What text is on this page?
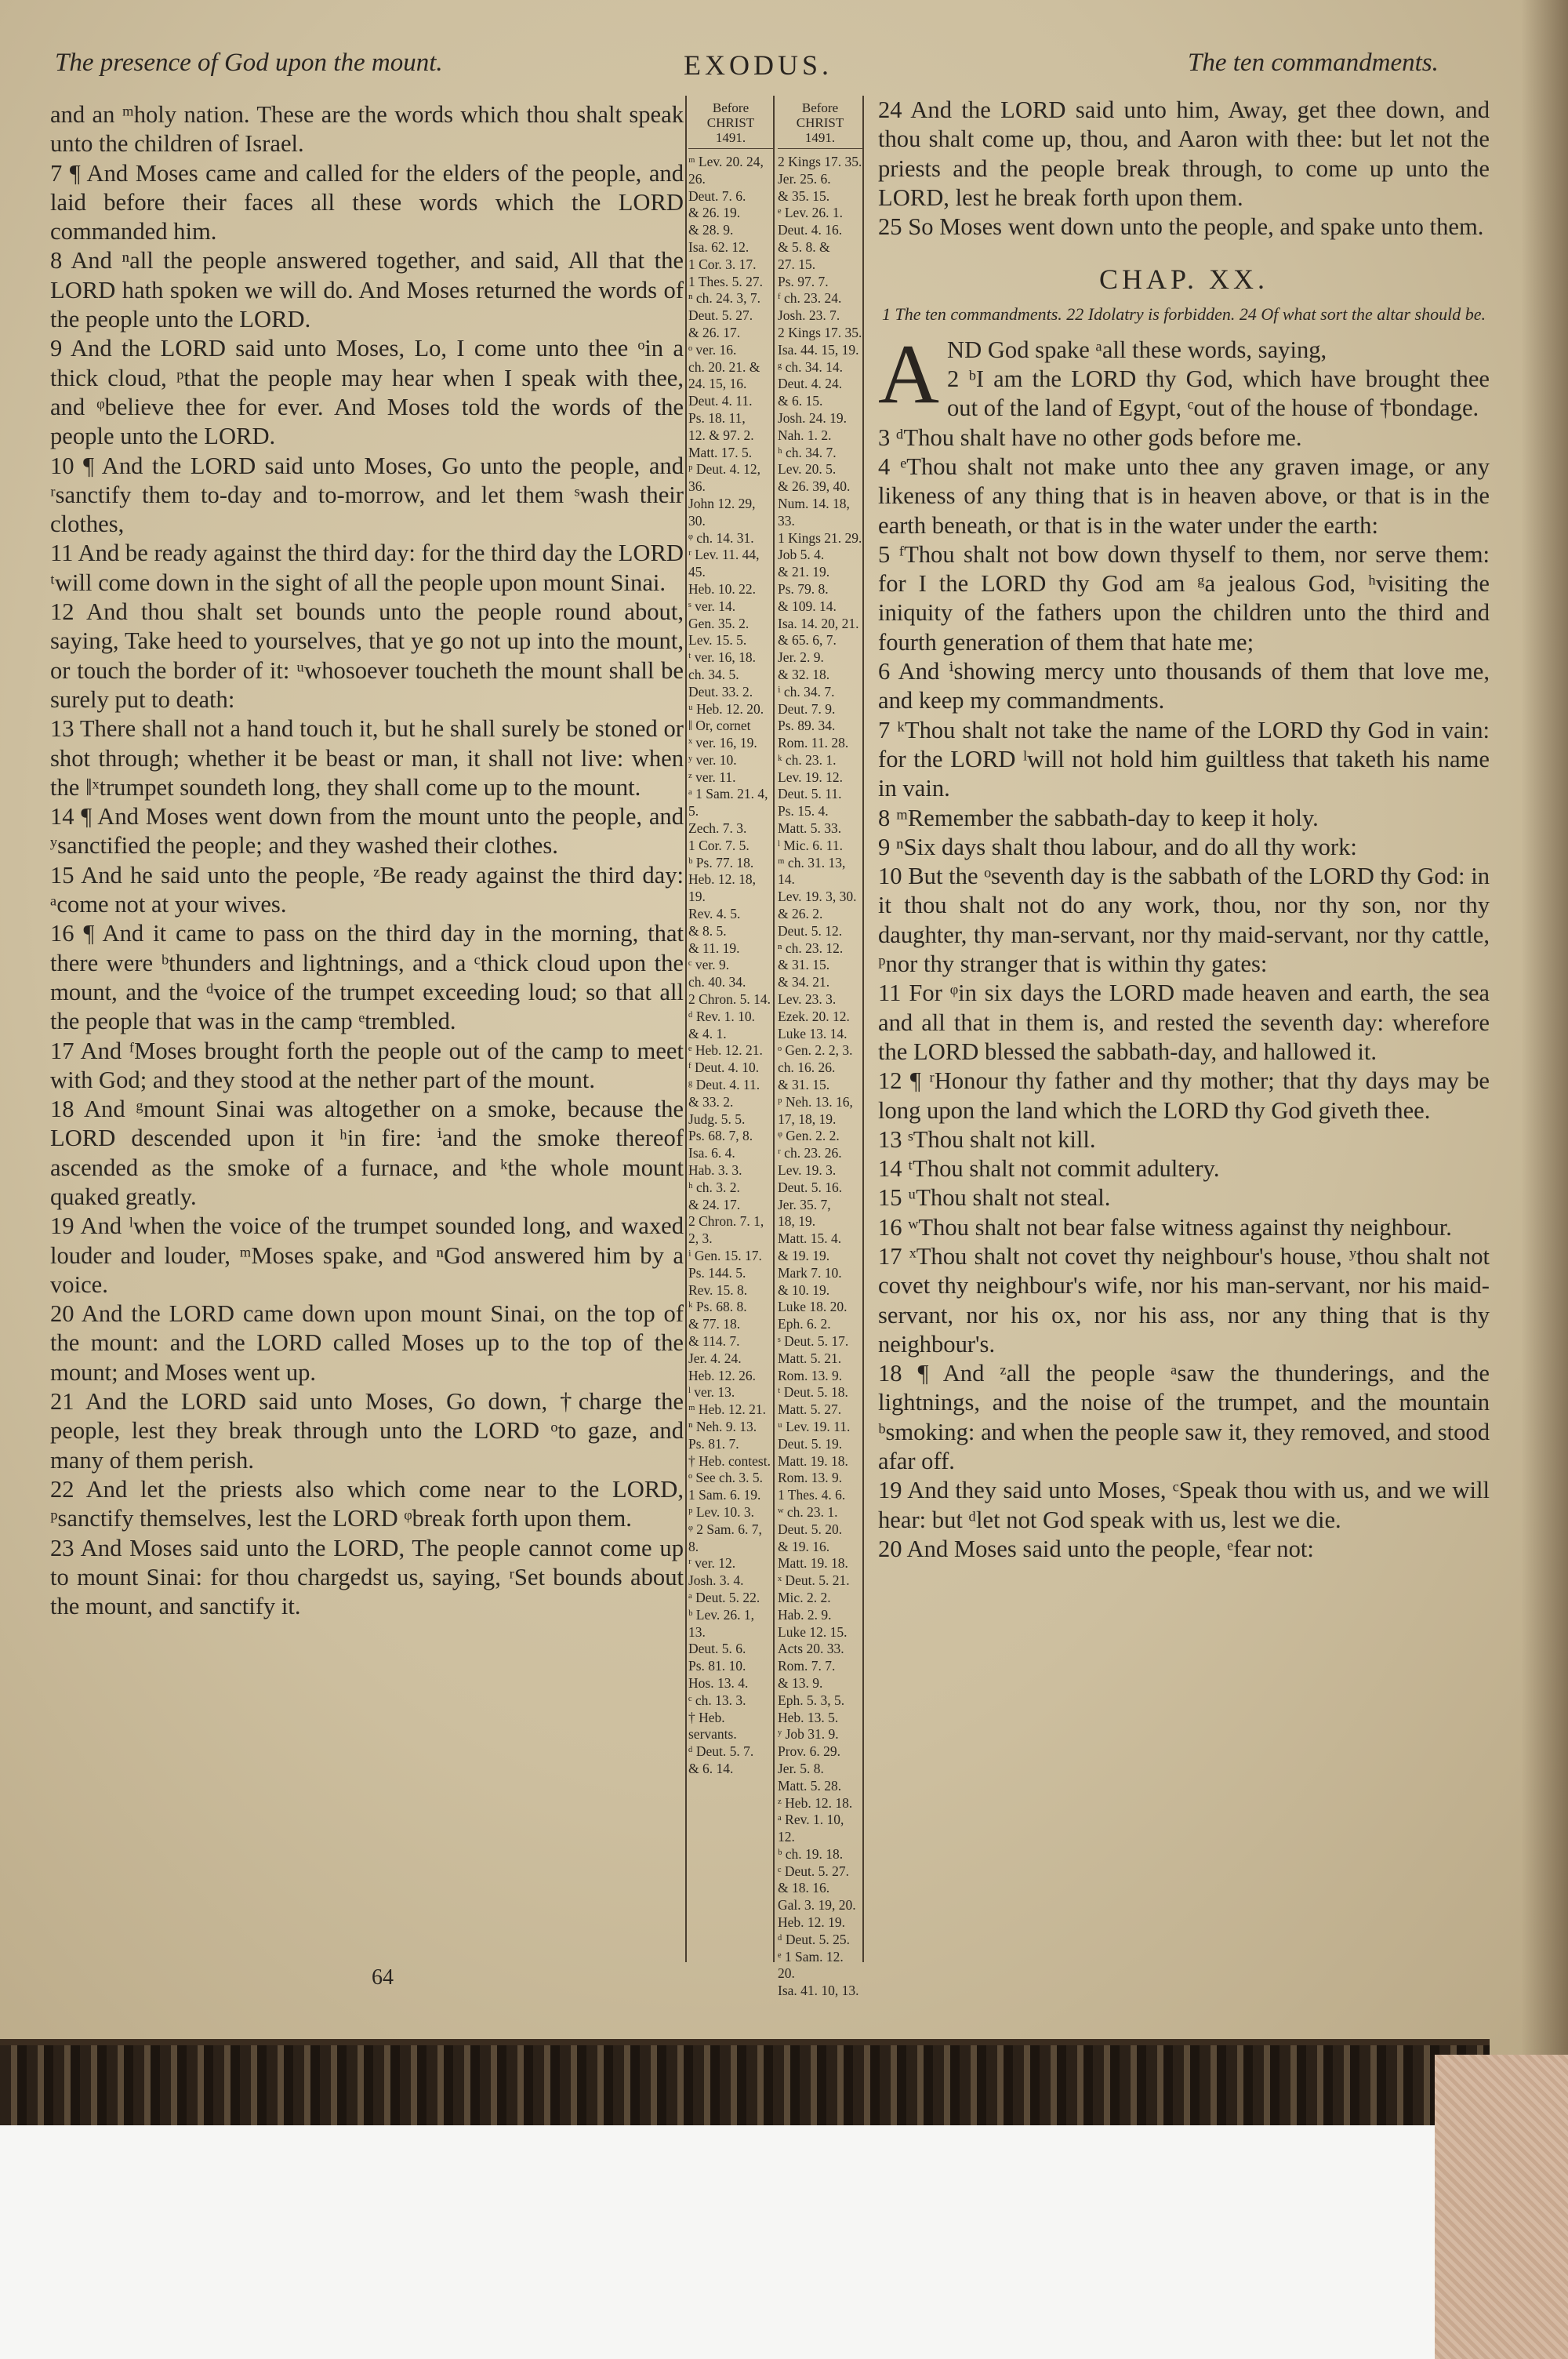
The presence of God upon the mount.	EXODUS.	The ten commandments.

and an ᵐholy nation. These are the words which thou shalt speak unto the children of Israel.

7 ¶ And Moses came and called for the elders of the people, and laid before their faces all these words which the LORD commanded him.

8 And ⁿall the people answered together, and said, All that the LORD hath spoken we will do. And Moses returned the words of the people unto the LORD.

9 And the LORD said unto Moses, Lo, I come unto thee ᵒin a thick cloud, ᵖthat the people may hear when I speak with thee, and ᵠbelieve thee for ever. And Moses told the words of the people unto the LORD.

10 ¶ And the LORD said unto Moses, Go unto the people, and ʳsanctify them to-day and to-morrow, and let them ˢwash their clothes,

11 And be ready against the third day: for the third day the LORD ᵗwill come down in the sight of all the people upon mount Sinai.

12 And thou shalt set bounds unto the people round about, saying, Take heed to yourselves, that ye go not up into the mount, or touch the border of it: ᵘwhosoever toucheth the mount shall be surely put to death:

13 There shall not a hand touch it, but he shall surely be stoned or shot through; whether it be beast or man, it shall not live: when the ‖ˣtrumpet soundeth long, they shall come up to the mount.

14 ¶ And Moses went down from the mount unto the people, and ʸsanctified the people; and they washed their clothes.

15 And he said unto the people, ᶻBe ready against the third day: ᵃcome not at your wives.

16 ¶ And it came to pass on the third day in the morning, that there were ᵇthunders and lightnings, and a ᶜthick cloud upon the mount, and the ᵈvoice of the trumpet exceeding loud; so that all the people that was in the camp ᵉtrembled.

17 And ᶠMoses brought forth the people out of the camp to meet with God; and they stood at the nether part of the mount.

18 And ᵍmount Sinai was altogether on a smoke, because the LORD descended upon it ʰin fire: ⁱand the smoke thereof ascended as the smoke of a furnace, and ᵏthe whole mount quaked greatly.

19 And ˡwhen the voice of the trumpet sounded long, and waxed louder and louder, ᵐMoses spake, and ⁿGod answered him by a voice.

20 And the LORD came down upon mount Sinai, on the top of the mount: and the LORD called Moses up to the top of the mount; and Moses went up.

21 And the LORD said unto Moses, Go down, †charge the people, lest they break through unto the LORD ᵒto gaze, and many of them perish.

22 And let the priests also which come near to the LORD, ᵖsanctify themselves, lest the LORD ᵠbreak forth upon them.

23 And Moses said unto the LORD, The people cannot come up to mount Sinai: for thou chargedst us, saying, ʳSet bounds about the mount, and sanctify it.

Before
CHRIST
1491.
ᵐ Lev. 20. 24, 26.
Deut. 7. 6.
& 26. 19.
& 28. 9.
Isa. 62. 12.
1 Cor. 3. 17.
1 Thes. 5. 27.
ⁿ ch. 24. 3, 7.
Deut. 5. 27.
& 26. 17.
ᵒ ver. 16.
ch. 20. 21. &
24. 15, 16.
Deut. 4. 11.
Ps. 18. 11,
12. & 97. 2.
Matt. 17. 5.
ᵖ Deut. 4. 12, 36.
John 12. 29, 30.
ᵠ ch. 14. 31.
ʳ Lev. 11. 44, 45.
Heb. 10. 22.
ˢ ver. 14.
Gen. 35. 2.
Lev. 15. 5.
ᵗ ver. 16, 18.
ch. 34. 5.
Deut. 33. 2.
ᵘ Heb. 12. 20.
‖ Or, cornet
ˣ ver. 16, 19.
ʸ ver. 10.
ᶻ ver. 11.
ᵃ 1 Sam. 21. 4, 5.
Zech. 7. 3.
1 Cor. 7. 5.
ᵇ Ps. 77. 18.
Heb. 12. 18, 19.
Rev. 4. 5.
& 8. 5.
& 11. 19.
ᶜ ver. 9.
ch. 40. 34.
2 Chron. 5. 14.
ᵈ Rev. 1. 10.
& 4. 1.
ᵉ Heb. 12. 21.
ᶠ Deut. 4. 10.
ᵍ Deut. 4. 11. & 33. 2.
Judg. 5. 5.
Ps. 68. 7, 8.
Isa. 6. 4.
Hab. 3. 3.
ʰ ch. 3. 2.
& 24. 17.
2 Chron. 7. 1, 2, 3.
ⁱ Gen. 15. 17.
Ps. 144. 5.
Rev. 15. 8.
ᵏ Ps. 68. 8.
& 77. 18.
& 114. 7.
Jer. 4. 24.
Heb. 12. 26.
ˡ ver. 13.
ᵐ Heb. 12. 21.
ⁿ Neh. 9. 13.
Ps. 81. 7.
† Heb. contest.
ᵒ See ch. 3. 5.
1 Sam. 6. 19.
ᵖ Lev. 10. 3.
ᵠ 2 Sam. 6. 7, 8.
ʳ ver. 12.
Josh. 3. 4.
ᵃ Deut. 5. 22.
ᵇ Lev. 26. 1, 13.
Deut. 5. 6.
Ps. 81. 10.
Hos. 13. 4.
ᶜ ch. 13. 3.
† Heb. servants.
ᵈ Deut. 5. 7.
& 6. 14.
Before
CHRIST
1491.
2 Kings 17. 35.
Jer. 25. 6.
& 35. 15.
ᵉ Lev. 26. 1.
Deut. 4. 16.
& 5. 8. &
27. 15.
Ps. 97. 7.
ᶠ ch. 23. 24.
Josh. 23. 7.
2 Kings 17. 35.
Isa. 44. 15, 19.
ᵍ ch. 34. 14.
Deut. 4. 24.
& 6. 15.
Josh. 24. 19.
Nah. 1. 2.
ʰ ch. 34. 7.
Lev. 20. 5.
& 26. 39, 40.
Num. 14. 18, 33.
1 Kings 21. 29.
Job 5. 4.
& 21. 19.
Ps. 79. 8.
& 109. 14.
Isa. 14. 20, 21. & 65. 6, 7.
Jer. 2. 9.
& 32. 18.
ⁱ ch. 34. 7.
Deut. 7. 9.
Ps. 89. 34.
Rom. 11. 28.
ᵏ ch. 23. 1.
Lev. 19. 12.
Deut. 5. 11.
Ps. 15. 4.
Matt. 5. 33.
ˡ Mic. 6. 11.
ᵐ ch. 31. 13, 14.
Lev. 19. 3, 30. & 26. 2.
Deut. 5. 12.
ⁿ ch. 23. 12.
& 31. 15.
& 34. 21.
Lev. 23. 3.
Ezek. 20. 12.
Luke 13. 14.
ᵒ Gen. 2. 2, 3.
ch. 16. 26.
& 31. 15.
ᵖ Neh. 13. 16, 17, 18, 19.
ᵠ Gen. 2. 2.
ʳ ch. 23. 26.
Lev. 19. 3.
Deut. 5. 16.
Jer. 35. 7,
18, 19.
Matt. 15. 4.
& 19. 19.
Mark 7. 10.
& 10. 19.
Luke 18. 20.
Eph. 6. 2.
ˢ Deut. 5. 17.
Matt. 5. 21.
Rom. 13. 9.
ᵗ Deut. 5. 18.
Matt. 5. 27.
ᵘ Lev. 19. 11.
Deut. 5. 19.
Matt. 19. 18.
Rom. 13. 9.
1 Thes. 4. 6.
ʷ ch. 23. 1.
Deut. 5. 20.
& 19. 16.
Matt. 19. 18.
ˣ Deut. 5. 21.
Mic. 2. 2.
Hab. 2. 9.
Luke 12. 15.
Acts 20. 33.
Rom. 7. 7.
& 13. 9.
Eph. 5. 3, 5.
Heb. 13. 5.
ʸ Job 31. 9.
Prov. 6. 29.
Jer. 5. 8.
Matt. 5. 28.
ᶻ Heb. 12. 18.
ᵃ Rev. 1. 10, 12.
ᵇ ch. 19. 18.
ᶜ Deut. 5. 27. & 18. 16.
Gal. 3. 19, 20.
Heb. 12. 19.
ᵈ Deut. 5. 25.
ᵉ 1 Sam. 12. 20.
Isa. 41. 10, 13.

24 And the LORD said unto him, Away, get thee down, and thou shalt come up, thou, and Aaron with thee: but let not the priests and the people break through, to come up unto the LORD, lest he break forth upon them.

25 So Moses went down unto the people, and spake unto them.

CHAP. XX.

1 The ten commandments. 22 Idolatry is forbidden. 24 Of what sort the altar should be.

AND God spake ᵃall these words, saying,

2 ᵇI am the LORD thy God, which have brought thee out of the land of Egypt, ᶜout of the house of †bondage.

3 ᵈThou shalt have no other gods before me.

4 ᵉThou shalt not make unto thee any graven image, or any likeness of any thing that is in heaven above, or that is in the earth beneath, or that is in the water under the earth:

5 ᶠThou shalt not bow down thyself to them, nor serve them: for I the LORD thy God am ᵍa jealous God, ʰvisiting the iniquity of the fathers upon the children unto the third and fourth generation of them that hate me;

6 And ⁱshowing mercy unto thousands of them that love me, and keep my commandments.

7 ᵏThou shalt not take the name of the LORD thy God in vain: for the LORD ˡwill not hold him guiltless that taketh his name in vain.

8 ᵐRemember the sabbath-day to keep it holy.

9 ⁿSix days shalt thou labour, and do all thy work:

10 But the ᵒseventh day is the sabbath of the LORD thy God: in it thou shalt not do any work, thou, nor thy son, nor thy daughter, thy man-servant, nor thy maid-servant, nor thy cattle, ᵖnor thy stranger that is within thy gates:

11 For ᵠin six days the LORD made heaven and earth, the sea and all that in them is, and rested the seventh day: wherefore the LORD blessed the sabbath-day, and hallowed it.

12 ¶ ʳHonour thy father and thy mother; that thy days may be long upon the land which the LORD thy God giveth thee.

13 ˢThou shalt not kill.

14 ᵗThou shalt not commit adultery.

15 ᵘThou shalt not steal.

16 ʷThou shalt not bear false witness against thy neighbour.

17 ˣThou shalt not covet thy neighbour's house, ʸthou shalt not covet thy neighbour's wife, nor his man-servant, nor his maid-servant, nor his ox, nor his ass, nor any thing that is thy neighbour's.

18 ¶ And ᶻall the people ᵃsaw the thunderings, and the lightnings, and the noise of the trumpet, and the mountain ᵇsmoking: and when the people saw it, they removed, and stood afar off.

19 And they said unto Moses, ᶜSpeak thou with us, and we will hear: but ᵈlet not God speak with us, lest we die.

20 And Moses said unto the people, ᵉfear not:

64
